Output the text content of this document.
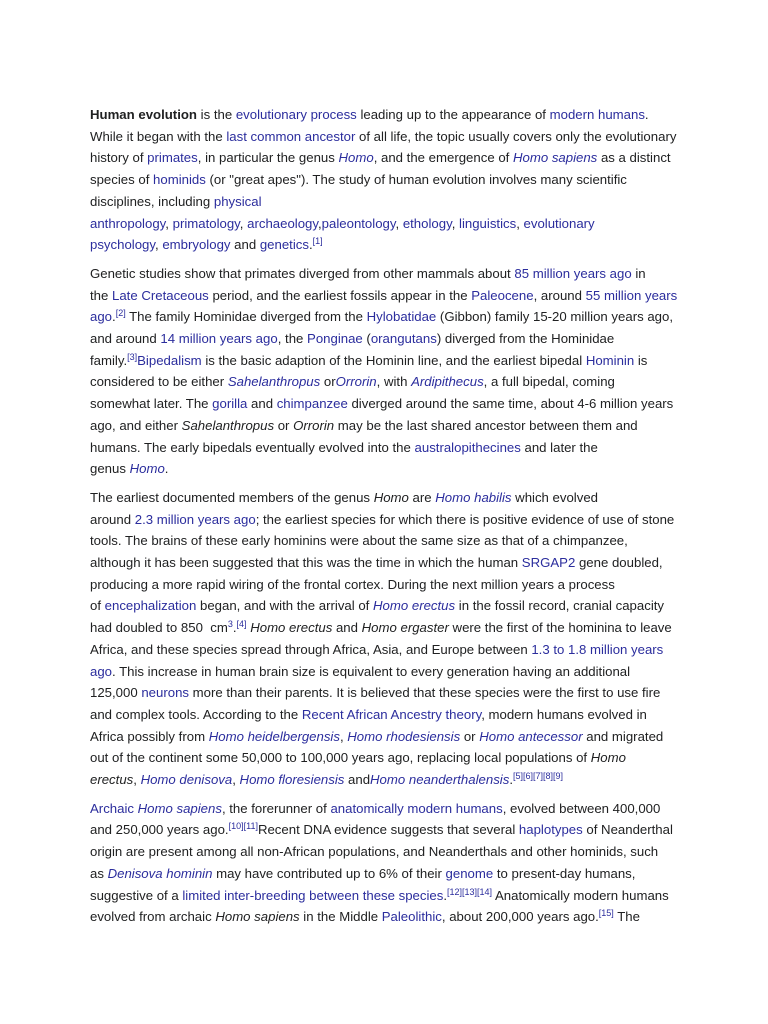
Human evolution is the evolutionary process leading up to the appearance of modern humans.
While it began with the last common ancestor of all life, the topic usually covers only the evolutionary
history of primates, in particular the genus Homo, and the emergence of Homo sapiens as a distinct
species of hominids (or "great apes"). The study of human evolution involves many scientific
disciplines, including physical
anthropology, primatology, archaeology,paleontology, ethology, linguistics, evolutionary
psychology, embryology and genetics.[1]
Genetic studies show that primates diverged from other mammals about 85 million years ago in
the Late Cretaceous period, and the earliest fossils appear in the Paleocene, around 55 million years
ago.[2] The family Hominidae diverged from the Hylobatidae (Gibbon) family 15-20 million years ago,
and around 14 million years ago, the Ponginae (orangutans) diverged from the Hominidae
family.[3]Bipedalism is the basic adaption of the Hominin line, and the earliest bipedal Hominin is
considered to be either Sahelanthropus orOrrorin, with Ardipithecus, a full bipedal, coming
somewhat later. The gorilla and chimpanzee diverged around the same time, about 4-6 million years
ago, and either Sahelanthropus or Orrorin may be the last shared ancestor between them and
humans. The early bipedals eventually evolved into the australopithecines and later the
genus Homo.
The earliest documented members of the genus Homo are Homo habilis which evolved
around 2.3 million years ago; the earliest species for which there is positive evidence of use of stone
tools. The brains of these early hominins were about the same size as that of a chimpanzee,
although it has been suggested that this was the time in which the human SRGAP2 gene doubled,
producing a more rapid wiring of the frontal cortex. During the next million years a process
of encephalization began, and with the arrival of Homo erectus in the fossil record, cranial capacity
had doubled to 850  $cm^3.[4]$ Homo erectus and Homo ergaster were the first of the hominina to leave
Africa, and these species spread through Africa, Asia, and Europe between 1.3 to 1.8 million years
ago. This increase in human brain size is equivalent to every generation having an additional
125,000 neurons more than their parents. It is believed that these species were the first to use fire
and complex tools. According to the Recent African Ancestry theory, modern humans evolved in
Africa possibly from Homo heidelbergensis, Homo rhodesiensis or Homo antecessor and migrated
out of the continent some 50,000 to 100,000 years ago, replacing local populations of Homo
erectus, Homo denisova, Homo floresiensis andHomo neanderthalensis.[5][6][7][8][9]
Archaic Homo sapiens, the forerunner of anatomically modern humans, evolved between 400,000
and 250,000 years ago.[10][11]Recent DNA evidence suggests that several haplotypes of Neanderthal
origin are present among all non-African populations, and Neanderthals and other hominids, such
as Denisova hominin may have contributed up to 6% of their genome to present-day humans,
suggestive of a limited inter-breeding between these species.[12][13][14] Anatomically modern humans
evolved from archaic Homo sapiens in the Middle Paleolithic, about 200,000 years ago.[15] The
